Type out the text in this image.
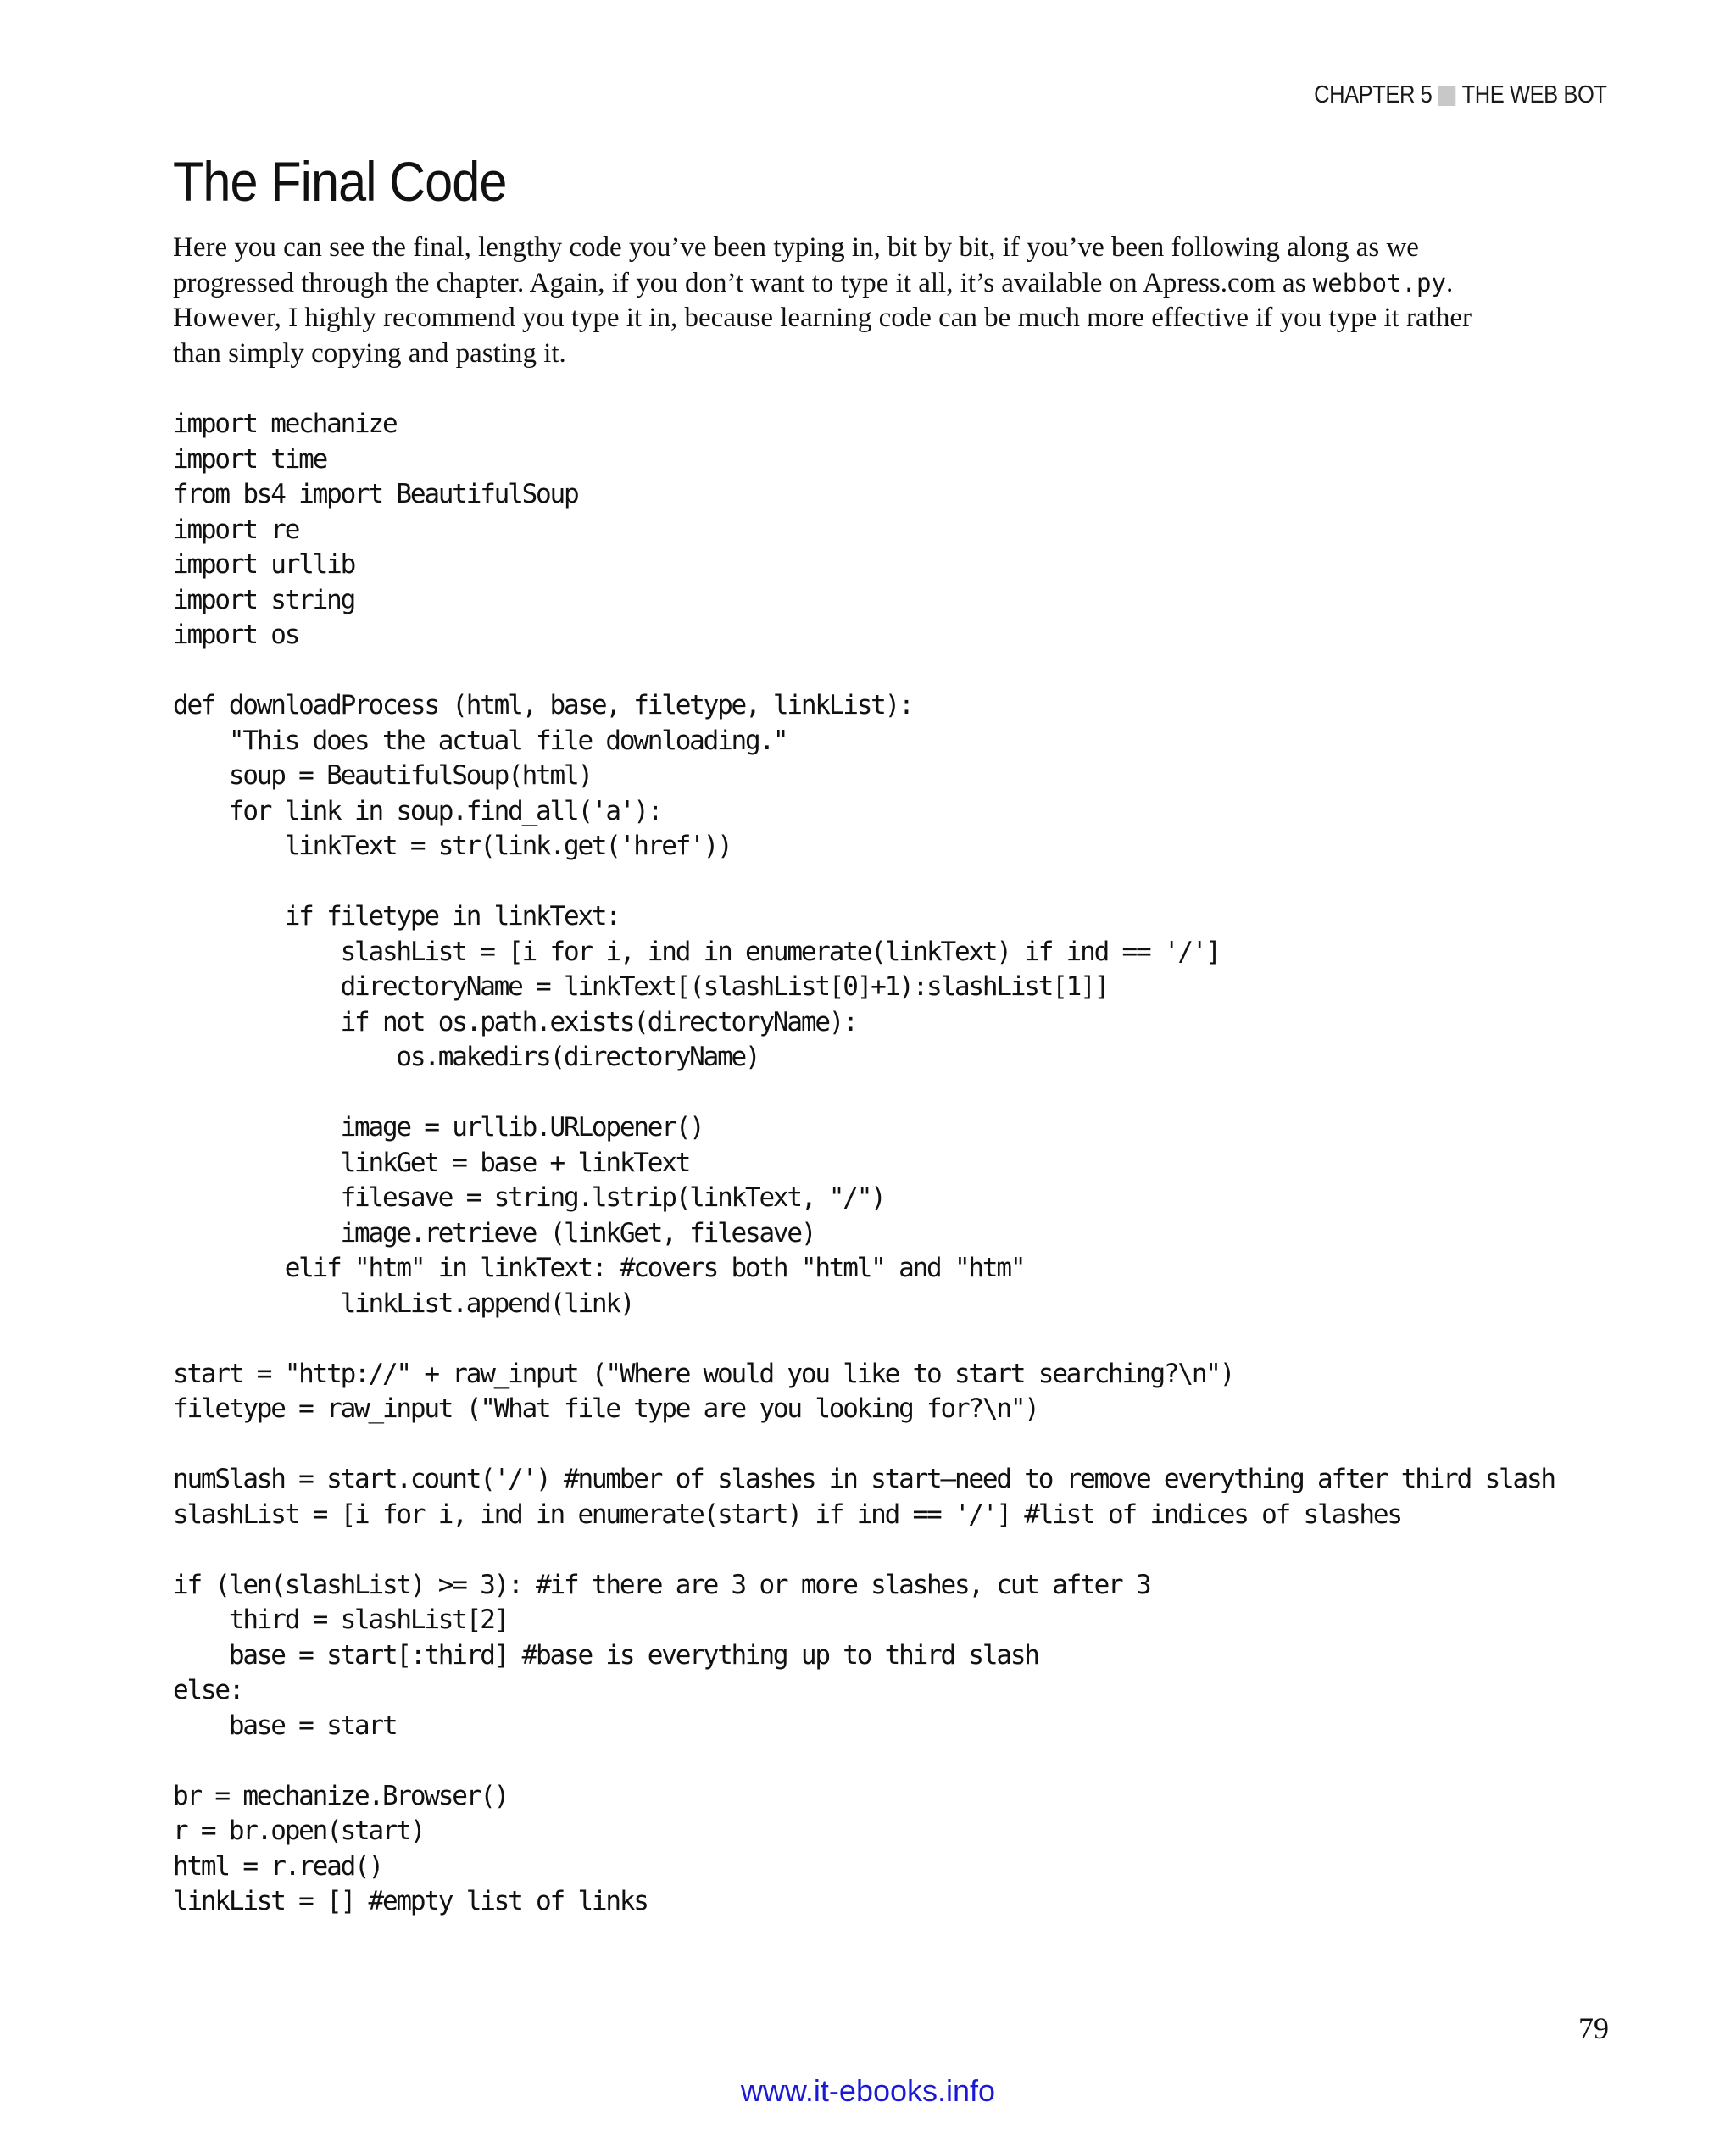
CHAPTER 5 THE WEB BOT
The Final Code

Here you can see the final, lengthy code you’ve been typing in, bit by bit, if you’ve been following along as we
progressed through the chapter. Again, if you don’t want to type it all, it’s available on Apress.com as webbot.py.
However, I highly recommend you type it in, because learning code can be much more effective if you type it rather
than simply copying and pasting it.

import mechanize
import time
from bs4 import BeautifulSoup
import re
import urllib
import string
import os
def downloadProcess (html, base, filetype, linkList):
"This does the actual file downloading."
soup = BeautifulSoup(html)
for link in soup.find_all('a'):
linkText = str(link.get('href'))
if filetype in linkText:
slashList = [i for i, ind in enumerate(linkText) if ind == '/']
directoryName = linkText[(slashList[0]+1):slashList[1]]
if not os.path.exists(directoryName):
os.makedirs(directoryName)
image = urllib.URLopener()
linkGet = base + linkText
filesave = string.lstrip(linkText, "/")
image.retrieve (linkGet, filesave)
elif "htm" in linkText: #covers both "html" and "htm"
linkList.append(link)
start = "http://" + raw_input ("Where would you like to start searching?\n")
filetype = raw_input ("What file type are you looking for?\n")
numSlash = start.count('/') #number of slashes in start—need to remove everything after third slash
slashList = [i for i, ind in enumerate(start) if ind == '/'] #list of indices of slashes
if (len(slashList) >= 3): #if there are 3 or more slashes, cut after 3
third = slashList[2]
base = start[:third] #base is everything up to third slash
else:
base = start
br = mechanize.Browser()
r = br.open(start)
html = r.read()
linkList = [] #empty list of links
79
www.it-ebooks.info
